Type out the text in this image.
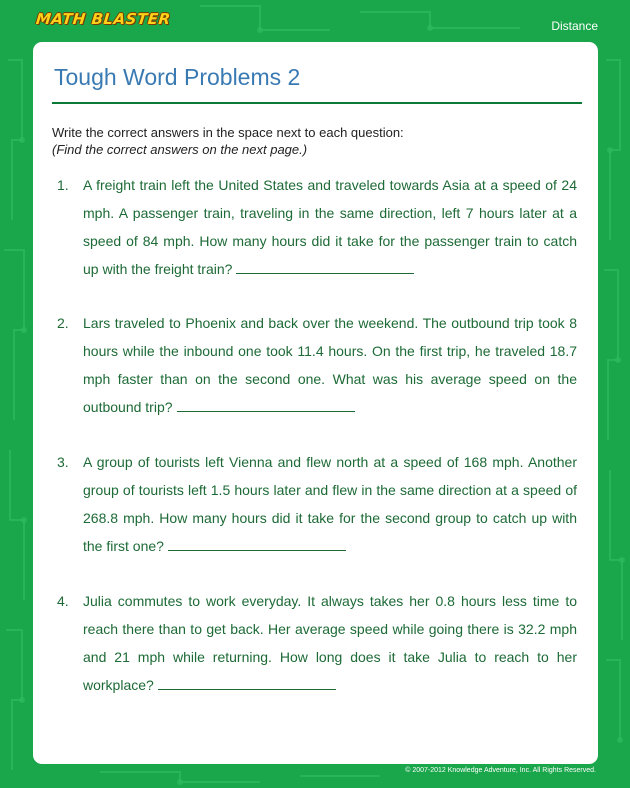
MATH BLASTER	Distance
Tough Word Problems 2
Write the correct answers in the space next to each question:
(Find the correct answers on the next page.)
1. A freight train left the United States and traveled towards Asia at a speed of 24 mph. A passenger train, traveling in the same direction, left 7 hours later at a speed of 84 mph. How many hours did it take for the passenger train to catch up with the freight train?
2. Lars traveled to Phoenix and back over the weekend. The outbound trip took 8 hours while the inbound one took 11.4 hours. On the first trip, he traveled 18.7 mph faster than on the second one. What was his average speed on the outbound trip?
3. A group of tourists left Vienna and flew north at a speed of 168 mph. Another group of tourists left 1.5 hours later and flew in the same direction at a speed of 268.8 mph. How many hours did it take for the second group to catch up with the first one?
4. Julia commutes to work everyday. It always takes her 0.8 hours less time to reach there than to get back. Her average speed while going there is 32.2 mph and 21 mph while returning. How long does it take Julia to reach to her workplace?
© 2007-2012 Knowledge Adventure, Inc. All Rights Reserved.
